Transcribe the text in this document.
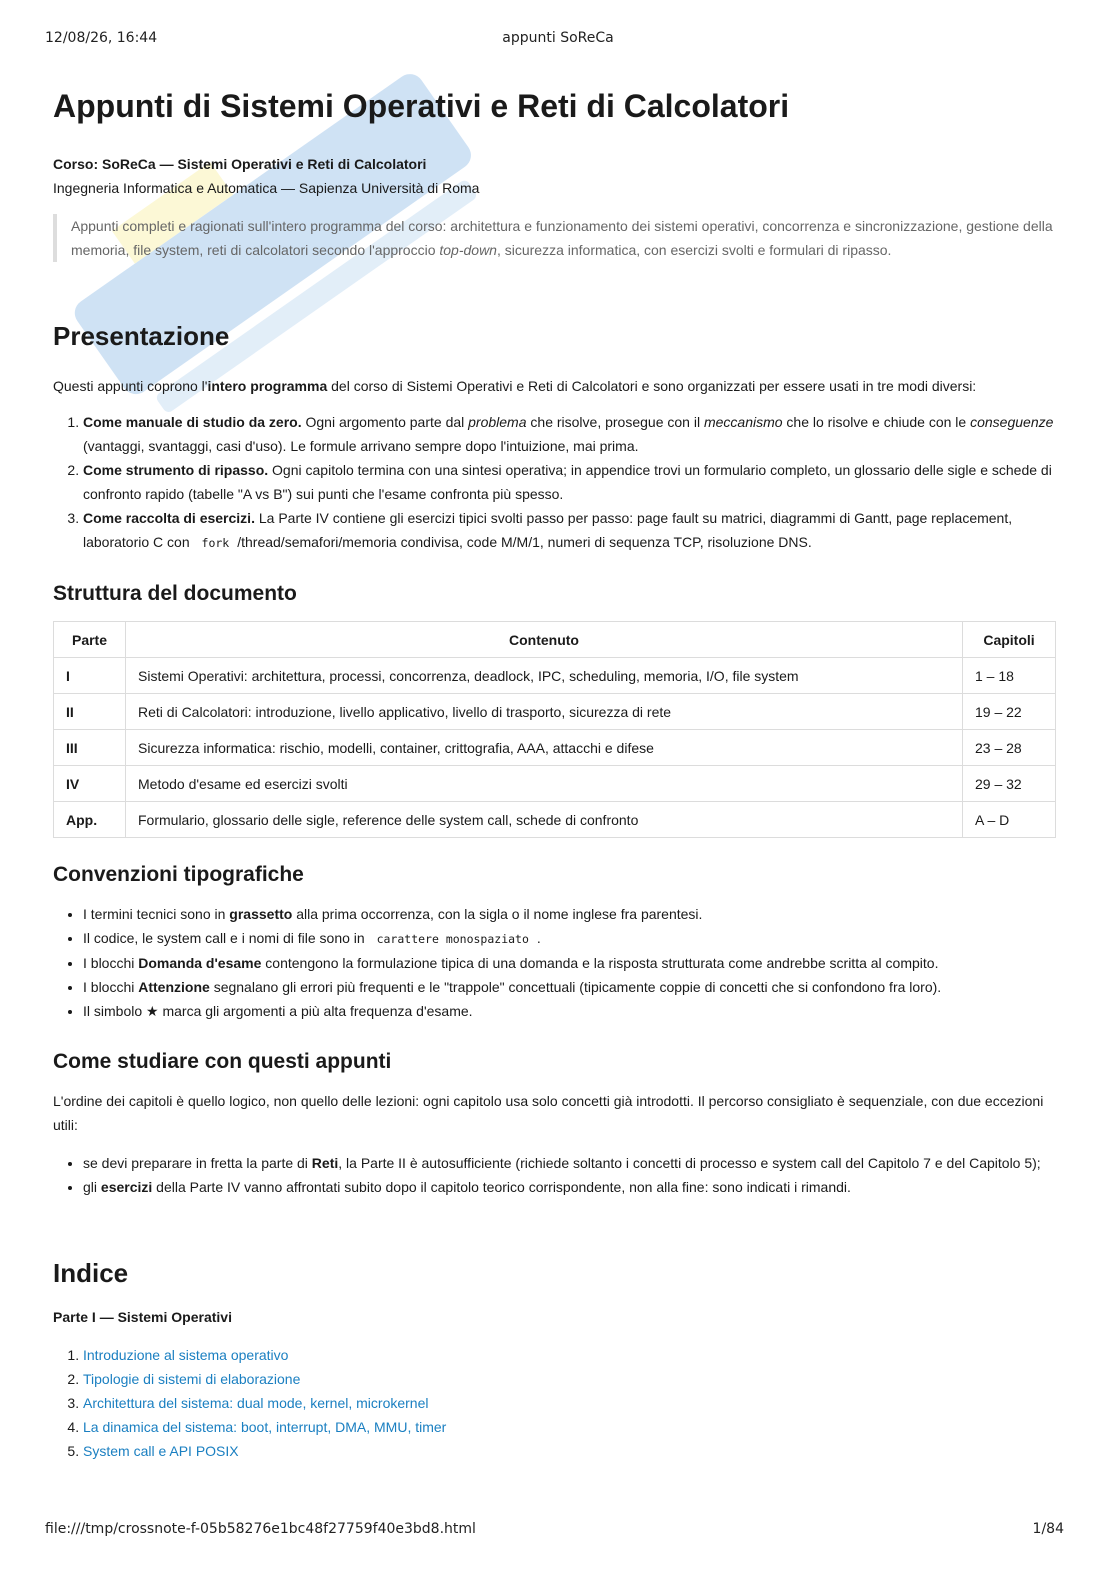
12/08/26, 16:44	appunti SoReCa
Appunti di Sistemi Operativi e Reti di Calcolatori

Corso: SoReCa — Sistemi Operativi e Reti di Calcolatori

Ingegneria Informatica e Automatica — Sapienza Università di Roma

Appunti completi e ragionati sull'intero programma del corso: architettura e funzionamento dei sistemi operativi, concorrenza e sincronizzazione, gestione della memoria, file system, reti di calcolatori secondo l'approccio top-down, sicurezza informatica, con esercizi svolti e formulari di ripasso.

Presentazione

Questi appunti coprono l'intero programma del corso di Sistemi Operativi e Reti di Calcolatori e sono organizzati per essere usati in tre modi diversi:

1. Come manuale di studio da zero. Ogni argomento parte dal problema che risolve, prosegue con il meccanismo che lo risolve e chiude con le conseguenze (vantaggi, svantaggi, casi d'uso). Le formule arrivano sempre dopo l'intuizione, mai prima.
2. Come strumento di ripasso. Ogni capitolo termina con una sintesi operativa; in appendice trovi un formulario completo, un glossario delle sigle e schede di confronto rapido (tabelle "A vs B") sui punti che l'esame confronta più spesso.
3. Come raccolta di esercizi. La Parte IV contiene gli esercizi tipici svolti passo per passo: page fault su matrici, diagrammi di Gantt, page replacement, laboratorio C con fork /thread/semafori/memoria condivisa, code M/M/1, numeri di sequenza TCP, risoluzione DNS.
Struttura del documento
Parte	Contenuto	Capitoli
I	Sistemi Operativi: architettura, processi, concorrenza, deadlock, IPC, scheduling, memoria, I/O, file system	1 – 18
II	Reti di Calcolatori: introduzione, livello applicativo, livello di trasporto, sicurezza di rete	19 – 22
III	Sicurezza informatica: rischio, modelli, container, crittografia, AAA, attacchi e difese	23 – 28
IV	Metodo d'esame ed esercizi svolti	29 – 32
App.	Formulario, glossario delle sigle, reference delle system call, schede di confronto	A – D
Convenzioni tipografiche
• I termini tecnici sono in grassetto alla prima occorrenza, con la sigla o il nome inglese fra parentesi.
• Il codice, le system call e i nomi di file sono in carattere monospaziato .
• I blocchi Domanda d'esame contengono la formulazione tipica di una domanda e la risposta strutturata come andrebbe scritta al compito.
• I blocchi Attenzione segnalano gli errori più frequenti e le "trappole" concettuali (tipicamente coppie di concetti che si confondono fra loro).
• Il simbolo ★ marca gli argomenti a più alta frequenza d'esame.
Come studiare con questi appunti

L'ordine dei capitoli è quello logico, non quello delle lezioni: ogni capitolo usa solo concetti già introdotti. Il percorso consigliato è sequenziale, con due eccezioni utili:

• se devi preparare in fretta la parte di Reti, la Parte II è autosufficiente (richiede soltanto i concetti di processo e system call del Capitolo 7 e del Capitolo 5);
• gli esercizi della Parte IV vanno affrontati subito dopo il capitolo teorico corrispondente, non alla fine: sono indicati i rimandi.
Indice

Parte I — Sistemi Operativi

1. Introduzione al sistema operativo
2. Tipologie di sistemi di elaborazione
3. Architettura del sistema: dual mode, kernel, microkernel
4. La dinamica del sistema: boot, interrupt, DMA, MMU, timer
5. System call e API POSIX
file:///tmp/crossnote-f-05b58276e1bc48f27759f40e3bd8.html	1/84
